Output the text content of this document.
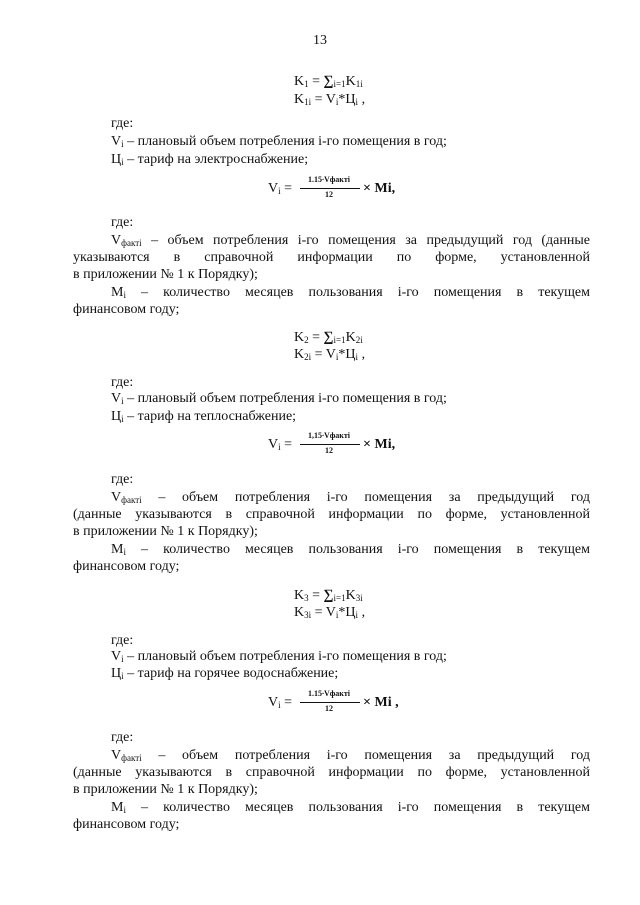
13
$K_1 = \sum_{i=1}K_{1i}$
$K_{1i} = V_i*Ц_i$ ,
где:
$V_i$ – плановый объем потребления i-го помещения в год;
$Ц_i$ – тариф на электроснабжение;
$V_i$ =
1.15∙Vфакті
12	× Mi,
где:
$V_{факті}$ – объем потребления i-го помещения за предыдущий год (данные
указываются в справочной информации по форме, установленной
в приложении № 1 к Порядку);
$M_i$ – количество месяцев пользования i-го помещения в текущем
финансовом году;
$K_2 = \sum_{i=1}K_{2i}$
$K_{2i} = V_i*Ц_i$ ,
где:
$V_i$ – плановый объем потребления i-го помещения в год;
$Ц_i$ – тариф на теплоснабжение;
$V_i$ =
1,15∙Vфакті
12	× Mi,
где:
$V_{факті}$ – объем потребления i-го помещения за предыдущий год
(данные указываются в справочной информации по форме, установленной
в приложении № 1 к Порядку);
$M_i$ – количество месяцев пользования i-го помещения в текущем
финансовом году;
$K_3 = \sum_{i=1}K_{3i}$
$K_{3i} = V_i*Ц_i$ ,
где:
$V_i$ – плановый объем потребления i-го помещения в год;
$Ц_i$ – тариф на горячее водоснабжение;
$V_i$ =
1.15∙Vфакті
12	× Mi ,
где:
$V_{факті}$ – объем потребления i-го помещения за предыдущий год
(данные указываются в справочной информации по форме, установленной
в приложении № 1 к Порядку);
$M_i$ – количество месяцев пользования i-го помещения в текущем
финансовом году;
